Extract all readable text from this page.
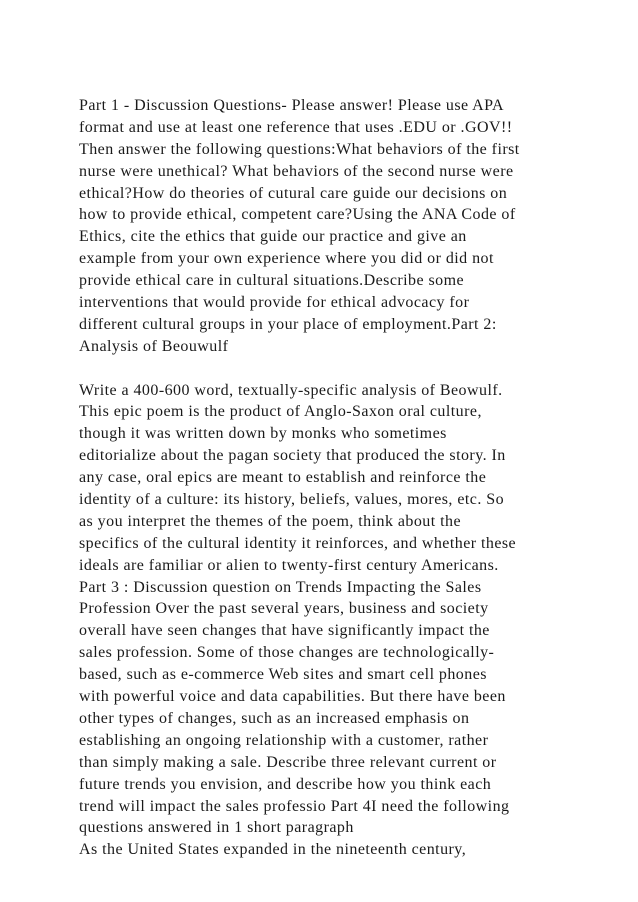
Part 1 - Discussion Questions- Please answer! Please use APA
format and use at least one reference that uses .EDU or .GOV!!
Then answer the following questions:What behaviors of the first
nurse were unethical? What behaviors of the second nurse were
ethical?How do theories of cutural care guide our decisions on
how to provide ethical, competent care?Using the ANA Code of
Ethics, cite the ethics that guide our practice and give an
example from your own experience where you did or did not
provide ethical care in cultural situations.Describe some
interventions that would provide for ethical advocacy for
different cultural groups in your place of employment.Part 2:
Analysis of Beouwulf
Write a 400-600 word, textually-specific analysis of Beowulf.
This epic poem is the product of Anglo-Saxon oral culture,
though it was written down by monks who sometimes
editorialize about the pagan society that produced the story. In
any case, oral epics are meant to establish and reinforce the
identity of a culture: its history, beliefs, values, mores, etc. So
as you interpret the themes of the poem, think about the
specifics of the cultural identity it reinforces, and whether these
ideals are familiar or alien to twenty-first century Americans.
Part 3 : Discussion question on Trends Impacting the Sales
Profession Over the past several years, business and society
overall have seen changes that have significantly impact the
sales profession. Some of those changes are technologically-
based, such as e-commerce Web sites and smart cell phones
with powerful voice and data capabilities. But there have been
other types of changes, such as an increased emphasis on
establishing an ongoing relationship with a customer, rather
than simply making a sale. Describe three relevant current or
future trends you envision, and describe how you think each
trend will impact the sales professio Part 4I need the following
questions answered in 1 short paragraph
As the United States expanded in the nineteenth century,
